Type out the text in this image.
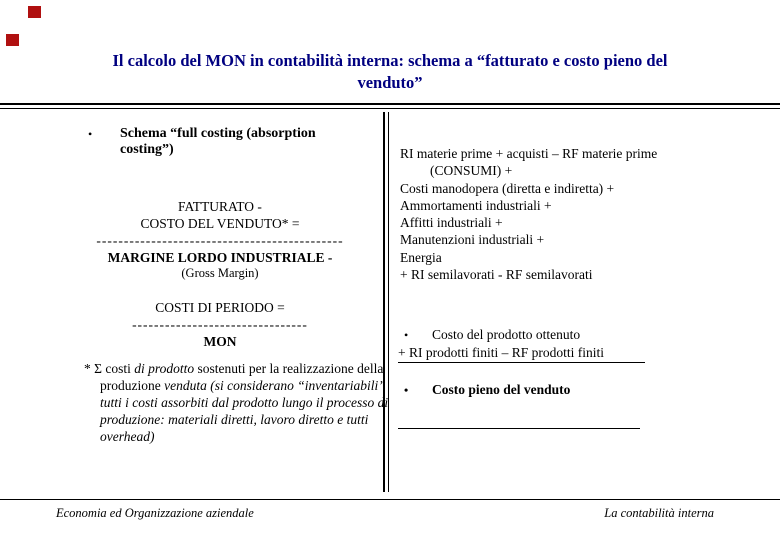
Il calcolo del MON in contabilità interna: schema a “fatturato e costo pieno del venduto”
•	Schema “full costing (absorption costing”)
FATTURATO -
COSTO DEL VENDUTO* =
---------------------------------------------
MARGINE LORDO INDUSTRIALE -
(Gross Margin)
COSTI DI PERIODO =
--------------------------------
MON
* Σ costi di prodotto sostenuti per la realizzazione della produzione venduta (si considerano “inventariabili” tutti i costi assorbiti dal prodotto lungo il processo di produzione: materiali diretti, lavoro diretto e tutti overhead)
RI materie prime + acquisti – RF materie prime
(CONSUMI) +
Costi manodopera (diretta e indiretta) +
Ammortamenti industriali +
Affitti industriali +
Manutenzioni industriali +
Energia
+ RI semilavorati - RF semilavorati
•	Costo del prodotto ottenuto
+ RI prodotti finiti – RF prodotti finiti
•	Costo pieno del venduto
Economia ed Organizzazione aziendale	La contabilità interna
